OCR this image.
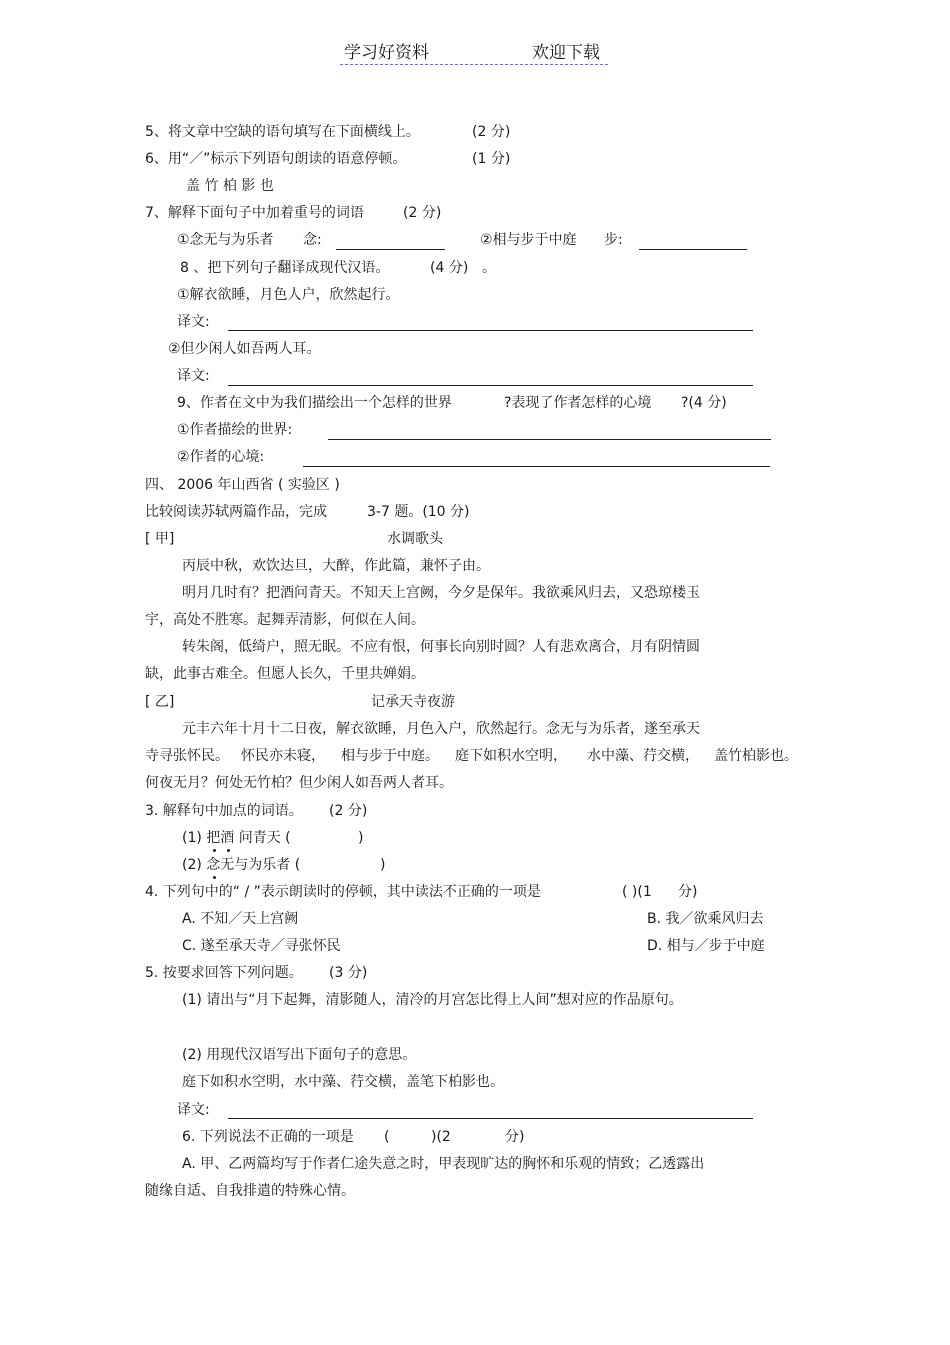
学习好资料	欢迎下载
5、将文章中空缺的语句填写在下面横线上。	(2 分)
6、用“／”标示下列语句朗读的语意停顿。	(1 分)
盖 竹 柏 影 也
7、解释下面句子中加着重号的词语	(2 分)
①念无与为乐者 念:	②相与步于中庭 步:
8 、把下列句子翻译成现代汉语。	(4 分) 。
①解衣欲睡，月色人户，欣然起行。
译文:
②但少闲人如吾两人耳。
译文:
9、作者在文中为我们描绘出一个怎样的世界	?表现了作者怎样的心境 ?(4 分)
①作者描绘的世界:
②作者的心境:
四、 2006 年山西省 ( 实验区 )
比较阅读苏轼两篇作品，完成	3-7 题。(10 分)
[ 甲]	水调歌头
丙辰中秋，欢饮达旦，大醉，作此篇，兼怀子由。
明月几时有？把酒问青天。不知天上宫阙，今夕是保年。我欲乘风归去，又恐琼楼玉
宇，高处不胜寒。起舞弄清影，何似在人间。
转朱阁，低绮户，照无眠。不应有恨，何事长向别时圆？人有悲欢离合，月有阴情圆
缺，此事古难全。但愿人长久，千里共婵娟。
[ 乙]	记承天寺夜游
元丰六年十月十二日夜，解衣欲睡，月色入户，欣然起行。念无与为乐者，遂至承天
寺寻张怀民。 怀民亦未寝， 相与步于中庭。 庭下如积水空明， 水中藻、荇交横， 盖竹柏影也。
何夜无月？何处无竹柏？但少闲人如吾两人者耳。
3. 解释句中加点的词语。 (2 分)
(1) 把酒 问青天 (	)
(2) 念无与为乐者 (	)
4. 下列句中的“ / ”表示朗读时的停顿，其中读法不正确的一项是	( )(1 分)
A. 不知／天上宫阙	B. 我／欲乘风归去
C. 遂至承天寺／寻张怀民	D. 相与／步于中庭
5. 按要求回答下列问题。 (3 分)
(1) 请出与“月下起舞，清影随人，清冷的月宫怎比得上人间”想对应的作品原句。
(2) 用现代汉语写出下面句子的意思。
庭下如积水空明，水中藻、荇交横，盖笔下柏影也。
译文:
6. 下列说法不正确的一项是 (	)(2	分)
A. 甲、乙两篇均写于作者仁途失意之时，甲表现旷达的胸怀和乐观的情致；乙透露出
随缘自适、自我排遣的特殊心情。
